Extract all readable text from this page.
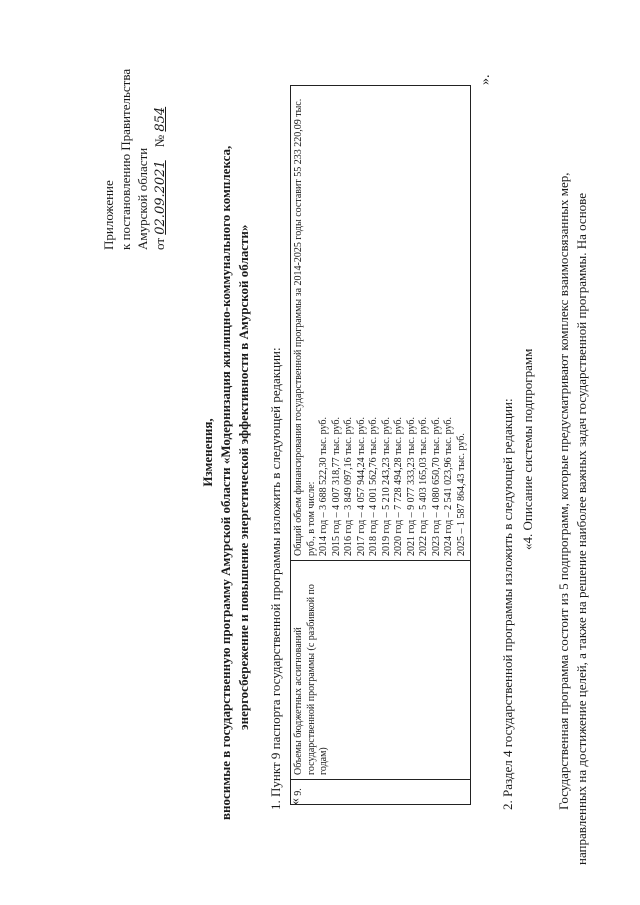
Приложение к постановлению Правительства Амурской области от 02.09.2021    № 854
Изменения, вносимые в государственную программу Амурской области «Модернизация жилищно-коммунального комплекса, энергосбережение и повышение энергетической эффективности в Амурской области» 1. Пункт 9 паспорта государственной программы изложить в следующей редакции: «
9.	Объемы бюджетных ассигнований государственной программы (с разбивкой по годам)	Общий объем финансирования государственной программы за 2014-2025 годы составит 55 233 220,09 тыс. руб., в том числе: 2014 год – 3 688 522,30 тыс. руб. 2015 год – 4 007 318,77 тыс. руб. 2016 год – 3 849 097,16 тыс. руб. 2017 год – 4 057 944,24 тыс. руб. 2018 год – 4 001 562,76 тыс. руб. 2019 год – 5 210 243,23 тыс. руб. 2020 год – 7 728 494,28 тыс. руб. 2021 год – 9 077 333,23 тыс. руб. 2022 год – 5 403 165,03 тыс. руб. 2023 год – 4 080 650,70 тыс. руб. 2024 год – 2 541 023,96 тыс. руб. 2025 – 1 587 864,43 тыс. руб.
».
2. Раздел 4 государственной программы изложить в следующей редакции: «4. Описание системы подпрограмм Государственная программа состоит из 5 подпрограмм, которые предусматривают комплекс взаимосвязанных мер, направленных на достижение целей, а также на решение наиболее важных задач государственной программы. На основе
